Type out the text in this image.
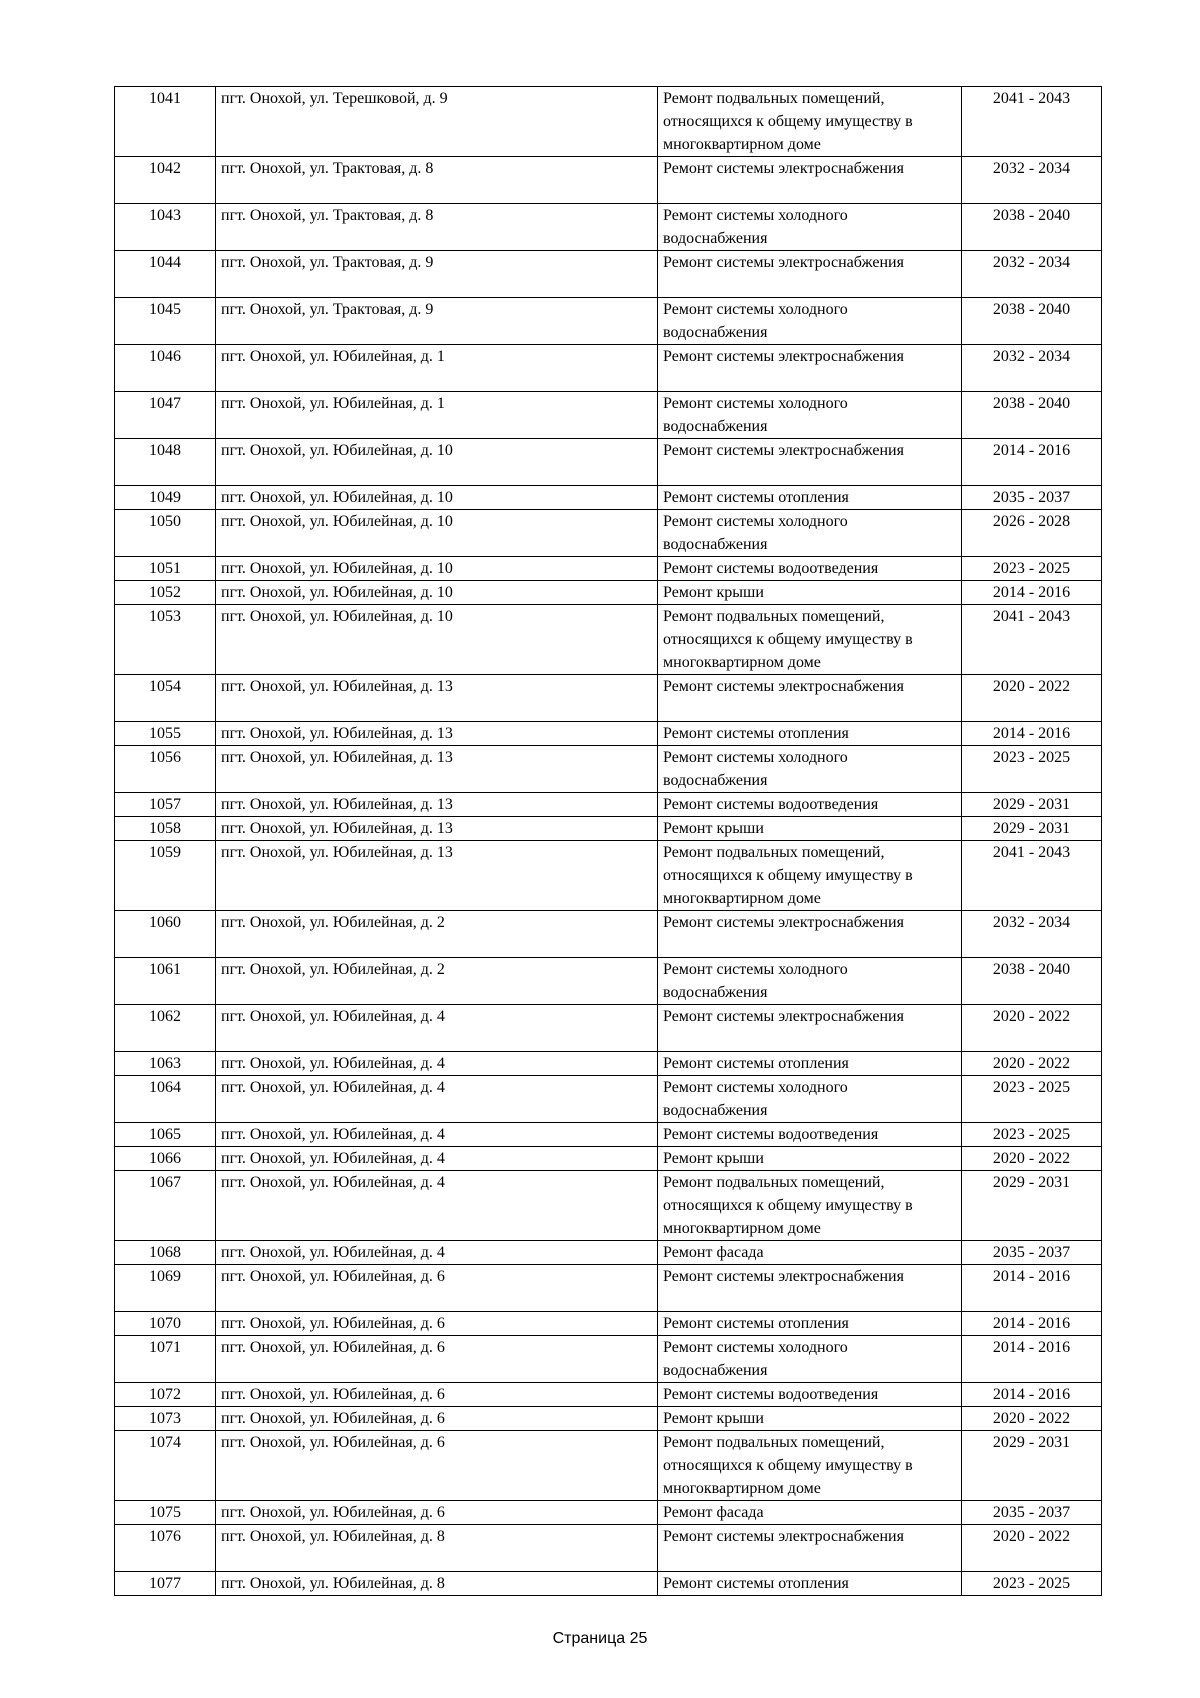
1041	пгт. Онохой, ул. Терешковой, д. 9	Ремонт подвальных помещений, относящихся к общему имуществу в многоквартирном доме	2041 - 2043
1042	пгт. Онохой, ул. Трактовая, д. 8	Ремонт системы электроснабжения	2032 - 2034
1043	пгт. Онохой, ул. Трактовая, д. 8	Ремонт системы холодного водоснабжения	2038 - 2040
1044	пгт. Онохой, ул. Трактовая, д. 9	Ремонт системы электроснабжения	2032 - 2034
1045	пгт. Онохой, ул. Трактовая, д. 9	Ремонт системы холодного водоснабжения	2038 - 2040
1046	пгт. Онохой, ул. Юбилейная, д. 1	Ремонт системы электроснабжения	2032 - 2034
1047	пгт. Онохой, ул. Юбилейная, д. 1	Ремонт системы холодного водоснабжения	2038 - 2040
1048	пгт. Онохой, ул. Юбилейная, д. 10	Ремонт системы электроснабжения	2014 - 2016
1049	пгт. Онохой, ул. Юбилейная, д. 10	Ремонт системы отопления	2035 - 2037
1050	пгт. Онохой, ул. Юбилейная, д. 10	Ремонт системы холодного водоснабжения	2026 - 2028
1051	пгт. Онохой, ул. Юбилейная, д. 10	Ремонт системы водоотведения	2023 - 2025
1052	пгт. Онохой, ул. Юбилейная, д. 10	Ремонт крыши	2014 - 2016
1053	пгт. Онохой, ул. Юбилейная, д. 10	Ремонт подвальных помещений, относящихся к общему имуществу в многоквартирном доме	2041 - 2043
1054	пгт. Онохой, ул. Юбилейная, д. 13	Ремонт системы электроснабжения	2020 - 2022
1055	пгт. Онохой, ул. Юбилейная, д. 13	Ремонт системы отопления	2014 - 2016
1056	пгт. Онохой, ул. Юбилейная, д. 13	Ремонт системы холодного водоснабжения	2023 - 2025
1057	пгт. Онохой, ул. Юбилейная, д. 13	Ремонт системы водоотведения	2029 - 2031
1058	пгт. Онохой, ул. Юбилейная, д. 13	Ремонт крыши	2029 - 2031
1059	пгт. Онохой, ул. Юбилейная, д. 13	Ремонт подвальных помещений, относящихся к общему имуществу в многоквартирном доме	2041 - 2043
1060	пгт. Онохой, ул. Юбилейная, д. 2	Ремонт системы электроснабжения	2032 - 2034
1061	пгт. Онохой, ул. Юбилейная, д. 2	Ремонт системы холодного водоснабжения	2038 - 2040
1062	пгт. Онохой, ул. Юбилейная, д. 4	Ремонт системы электроснабжения	2020 - 2022
1063	пгт. Онохой, ул. Юбилейная, д. 4	Ремонт системы отопления	2020 - 2022
1064	пгт. Онохой, ул. Юбилейная, д. 4	Ремонт системы холодного водоснабжения	2023 - 2025
1065	пгт. Онохой, ул. Юбилейная, д. 4	Ремонт системы водоотведения	2023 - 2025
1066	пгт. Онохой, ул. Юбилейная, д. 4	Ремонт крыши	2020 - 2022
1067	пгт. Онохой, ул. Юбилейная, д. 4	Ремонт подвальных помещений, относящихся к общему имуществу в многоквартирном доме	2029 - 2031
1068	пгт. Онохой, ул. Юбилейная, д. 4	Ремонт фасада	2035 - 2037
1069	пгт. Онохой, ул. Юбилейная, д. 6	Ремонт системы электроснабжения	2014 - 2016
1070	пгт. Онохой, ул. Юбилейная, д. 6	Ремонт системы отопления	2014 - 2016
1071	пгт. Онохой, ул. Юбилейная, д. 6	Ремонт системы холодного водоснабжения	2014 - 2016
1072	пгт. Онохой, ул. Юбилейная, д. 6	Ремонт системы водоотведения	2014 - 2016
1073	пгт. Онохой, ул. Юбилейная, д. 6	Ремонт крыши	2020 - 2022
1074	пгт. Онохой, ул. Юбилейная, д. 6	Ремонт подвальных помещений, относящихся к общему имуществу в многоквартирном доме	2029 - 2031
1075	пгт. Онохой, ул. Юбилейная, д. 6	Ремонт фасада	2035 - 2037
1076	пгт. Онохой, ул. Юбилейная, д. 8	Ремонт системы электроснабжения	2020 - 2022
1077	пгт. Онохой, ул. Юбилейная, д. 8	Ремонт системы отопления	2023 - 2025
Страница 25
